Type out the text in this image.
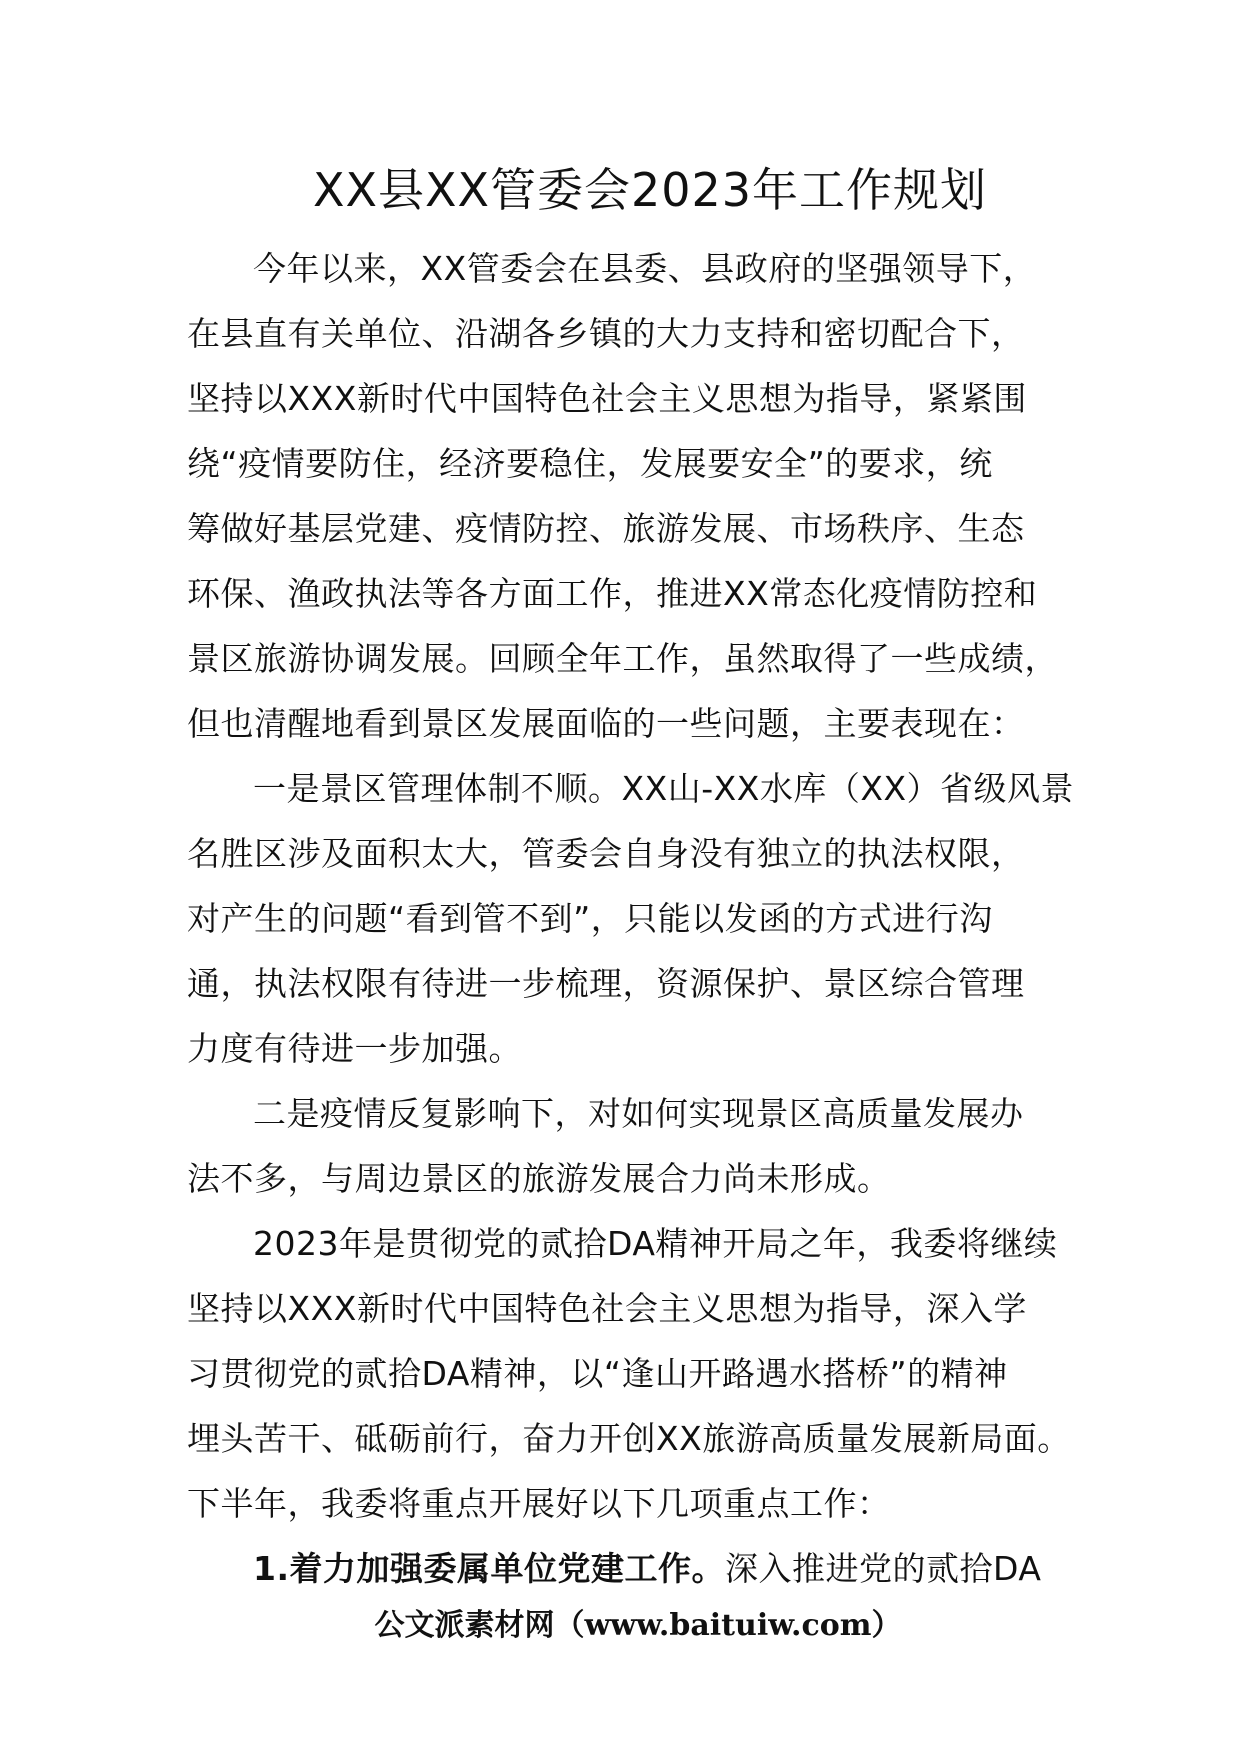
XX县XX管委会2023年工作规划
今年以来，XX管委会在县委、县政府的坚强领导下，
在县直有关单位、沿湖各乡镇的大力支持和密切配合下，
坚持以XXX新时代中国特色社会主义思想为指导，紧紧围
绕“疫情要防住，经济要稳住，发展要安全”的要求，统
筹做好基层党建、疫情防控、旅游发展、市场秩序、生态
环保、渔政执法等各方面工作，推进XX常态化疫情防控和
景区旅游协调发展。回顾全年工作，虽然取得了一些成绩，
但也清醒地看到景区发展面临的一些问题，主要表现在：
一是景区管理体制不顺。XX山-XX水库（XX）省级风景
名胜区涉及面积太大，管委会自身没有独立的执法权限，
对产生的问题“看到管不到”，只能以发函的方式进行沟
通，执法权限有待进一步梳理，资源保护、景区综合管理
力度有待进一步加强。
二是疫情反复影响下，对如何实现景区高质量发展办
法不多，与周边景区的旅游发展合力尚未形成。
2023年是贯彻党的贰拾DA精神开局之年，我委将继续
坚持以XXX新时代中国特色社会主义思想为指导，深入学
习贯彻党的贰拾DA精神，以“逢山开路遇水搭桥”的精神
埋头苦干、砥砺前行，奋力开创XX旅游高质量发展新局面。
下半年，我委将重点开展好以下几项重点工作：
1.着力加强委属单位党建工作。深入推进党的贰拾DA
公文派素材网（www.baituiw.com）
